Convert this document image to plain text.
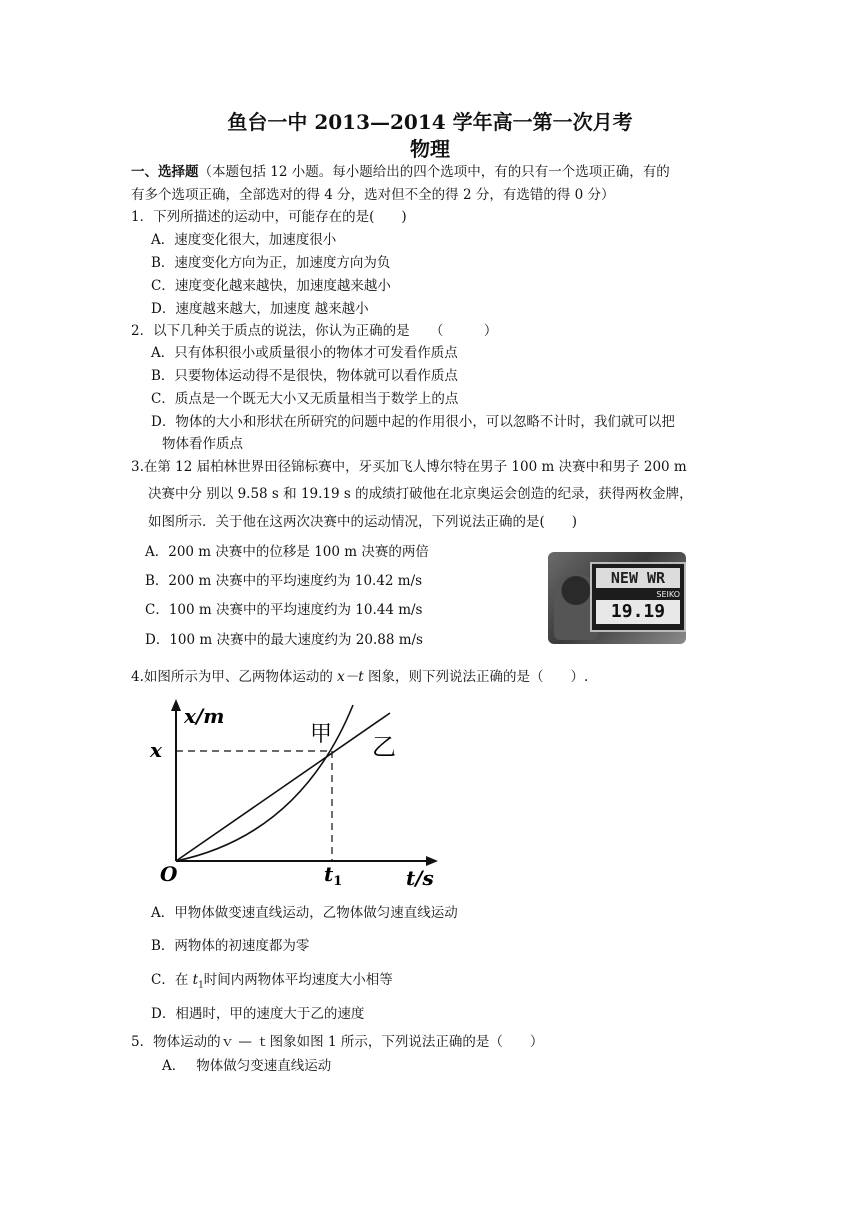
鱼台一中 2013—2014 学年高一第一次月考
物理
一、选择题（本题包括 12 小题。每小题给出的四个选项中，有的只有一个选项正确，有的
有多个选项正确，全部选对的得 4 分，选对但不全的得 2 分，有选错的得 0 分）
1．下列所描述的运动中，可能存在的是(　　)
A．速度变化很大，加速度很小
B．速度变化方向为正，加速度方向为负
C．速度变化越来越快，加速度越来越小
D．速度越来越大，加速度 越来越小
2．以下几种关于质点的说法，你认为正确的是　　（　　　）
A．只有体积很小或质量很小的物体才可发看作质点
B．只要物体运动得不是很快，物体就可以看作质点
C．质点是一个既无大小又无质量相当于数学上的点
D．物体的大小和形状在所研究的问题中起的作用很小，可以忽略不计时，我们就可以把
物体看作质点
3.在第 12 届柏林世界田径锦标赛中，牙买加飞人博尔特在男子 100 m 决赛中和男子 200 m
决赛中分 别以 9.58 s 和 19.19 s 的成绩打破他在北京奥运会创造的纪录，获得两枚金牌，
如图所示．关于他在这两次决赛中的运动情况，下列说法正确的是(　　)
A．200 m 决赛中的位移是 100 m 决赛的两倍
B．200 m 决赛中的平均速度约为 10.42 m/s
C．100 m 决赛中的平均速度约为 10.44 m/s
D．100 m 决赛中的最大速度约为 20.88 m/s
NEW WR
SEIKO
19.19
4.如图所示为甲、乙两物体运动的 x－t 图象，则下列说法正确的是（　　）.
x/m
t/s
O
x
$t_1$
甲 乙
A．甲物体做变速直线运动，乙物体做匀速直线运动
B．两物体的初速度都为零
C．在 $t_1$时间内两物体平均速度大小相等
D．相遇时，甲的速度大于乙的速度
5．物体运动的ｖ — ｔ图象如图 1 所示，下列说法正确的是（　　）
A．　 物体做匀变速直线运动
